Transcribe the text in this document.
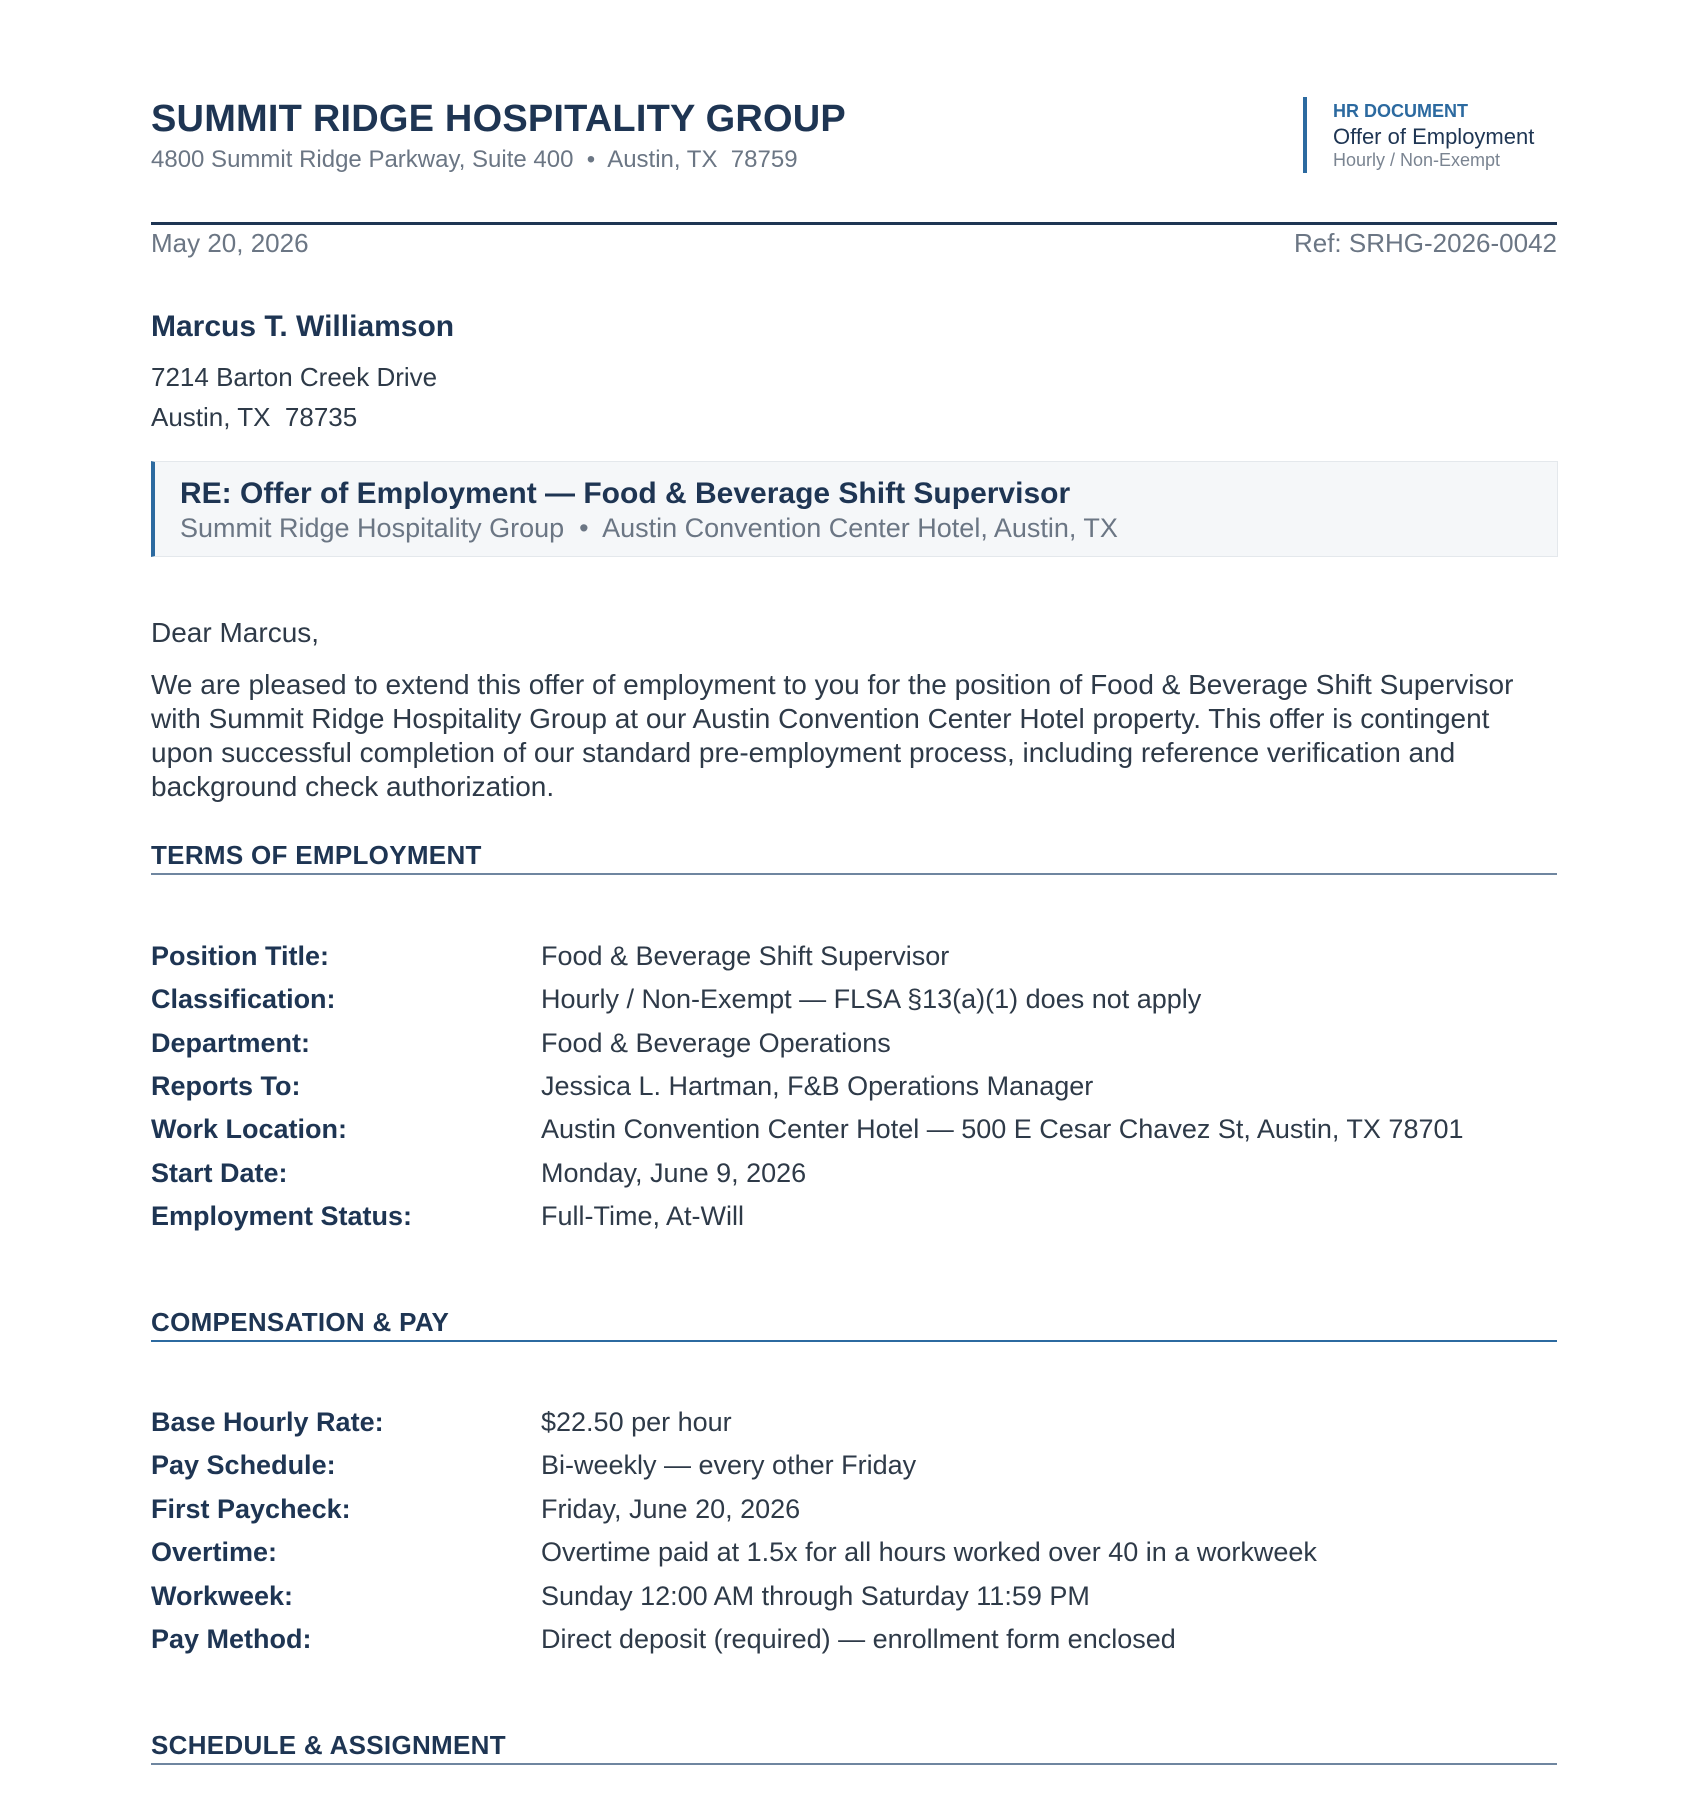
SUMMIT RIDGE HOSPITALITY GROUP
4800 Summit Ridge Parkway, Suite 400  •  Austin, TX  78759
HR DOCUMENT
Offer of Employment
Hourly / Non-Exempt
May 20, 2026	Ref: SRHG-2026-0042
Marcus T. Williamson
7214 Barton Creek Drive
Austin, TX  78735
RE: Offer of Employment — Food & Beverage Shift Supervisor
Summit Ridge Hospitality Group  •  Austin Convention Center Hotel, Austin, TX
Dear Marcus,
We are pleased to extend this offer of employment to you for the position of Food & Beverage Shift Supervisor with Summit Ridge Hospitality Group at our Austin Convention Center Hotel property. This offer is contingent upon successful completion of our standard pre-employment process, including reference verification and background check authorization.
TERMS OF EMPLOYMENT
Position Title:	Food & Beverage Shift Supervisor
Classification:	Hourly / Non-Exempt — FLSA §13(a)(1) does not apply
Department:	Food & Beverage Operations
Reports To:	Jessica L. Hartman, F&B Operations Manager
Work Location:	Austin Convention Center Hotel — 500 E Cesar Chavez St, Austin, TX 78701
Start Date:	Monday, June 9, 2026
Employment Status:	Full-Time, At-Will
COMPENSATION & PAY
Base Hourly Rate:	$22.50 per hour
Pay Schedule:	Bi-weekly — every other Friday
First Paycheck:	Friday, June 20, 2026
Overtime:	Overtime paid at 1.5x for all hours worked over 40 in a workweek
Workweek:	Sunday 12:00 AM through Saturday 11:59 PM
Pay Method:	Direct deposit (required) — enrollment form enclosed
SCHEDULE & ASSIGNMENT
